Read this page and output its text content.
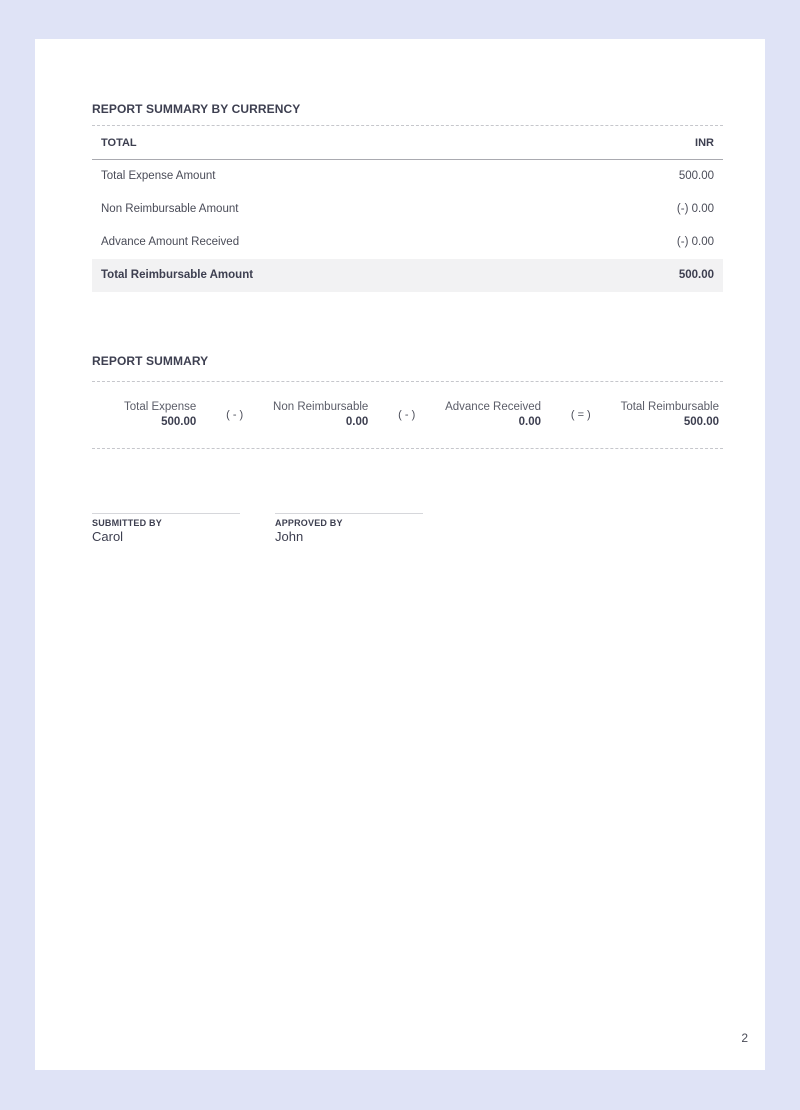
REPORT SUMMARY BY CURRENCY
TOTAL	INR
Total Expense Amount	500.00
Non Reimbursable Amount	(-) 0.00
Advance Amount Received	(-) 0.00
Total Reimbursable Amount	500.00
REPORT SUMMARY
Total Expense
500.00
( - )
Non Reimbursable
0.00
( - )
Advance Received
0.00
( = )
Total Reimbursable
500.00
SUBMITTED BY
Carol
APPROVED BY
John
2
